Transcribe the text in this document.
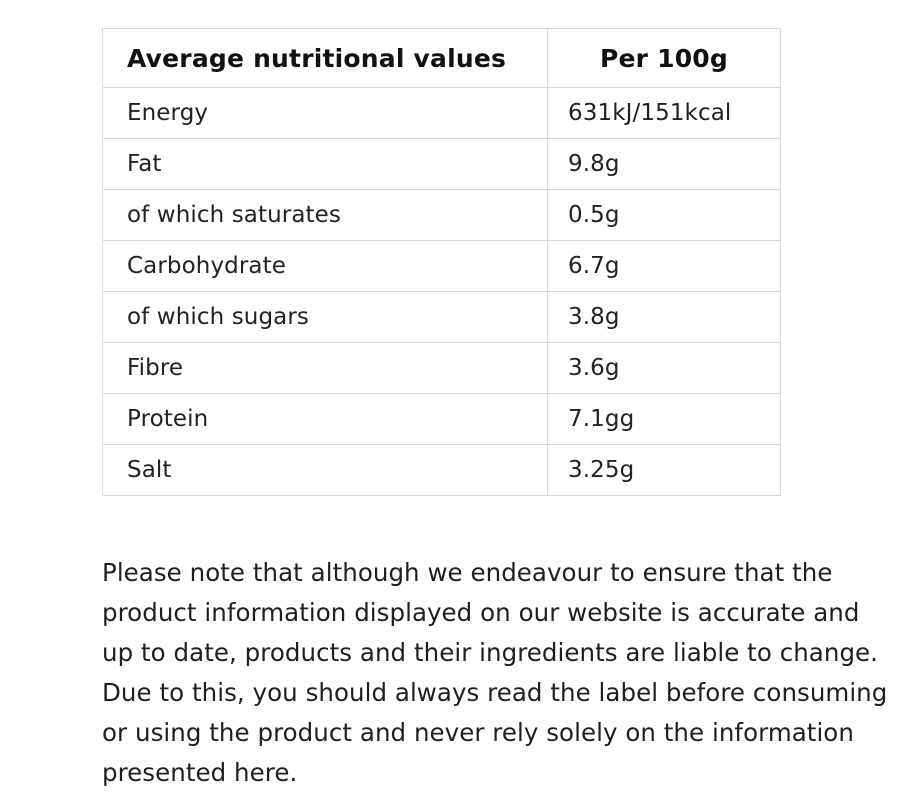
Average nutritional values	Per 100g
Energy	631kJ/151kcal
Fat	9.8g
of which saturates	0.5g
Carbohydrate	6.7g
of which sugars	3.8g
Fibre	3.6g
Protein	7.1gg
Salt	3.25g

Please note that although we endeavour to ensure that the product information displayed on our website is accurate and up to date, products and their ingredients are liable to change. Due to this, you should always read the label before consuming or using the product and never rely solely on the information presented here.
